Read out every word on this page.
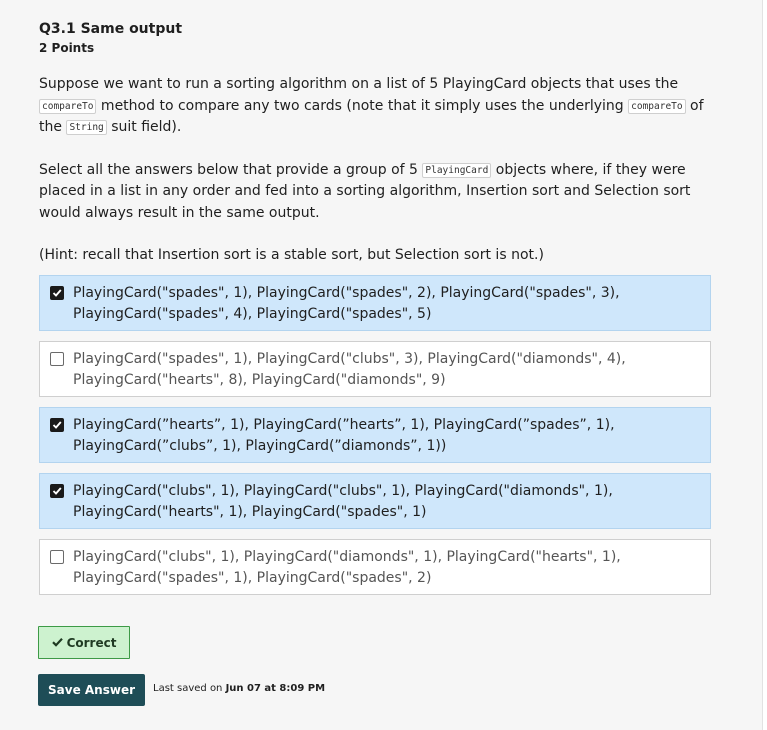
Q3.1 Same output
2 Points

Suppose we want to run a sorting algorithm on a list of 5 PlayingCard objects that uses the compareTo method to compare any two cards (note that it simply uses the underlying compareTo of the String suit field).

Select all the answers below that provide a group of 5 PlayingCard objects where, if they were placed in a list in any order and fed into a sorting algorithm, Insertion sort and Selection sort would always result in the same output.

(Hint: recall that Insertion sort is a stable sort, but Selection sort is not.)

PlayingCard("spades", 1), PlayingCard("spades", 2), PlayingCard("spades", 3),
PlayingCard("spades", 4), PlayingCard("spades", 5)
PlayingCard("spades", 1), PlayingCard("clubs", 3), PlayingCard("diamonds", 4),
PlayingCard("hearts", 8), PlayingCard("diamonds", 9)
PlayingCard(”hearts”, 1), PlayingCard(”hearts”, 1), PlayingCard(”spades”, 1),
PlayingCard(”clubs”, 1), PlayingCard(”diamonds”, 1))
PlayingCard("clubs", 1), PlayingCard("clubs", 1), PlayingCard("diamonds", 1),
PlayingCard("hearts", 1), PlayingCard("spades", 1)
PlayingCard("clubs", 1), PlayingCard("diamonds", 1), PlayingCard("hearts", 1),
PlayingCard("spades", 1), PlayingCard("spades", 2)
Correct
Save Answer	Last saved on Jun 07 at 8:09 PM
